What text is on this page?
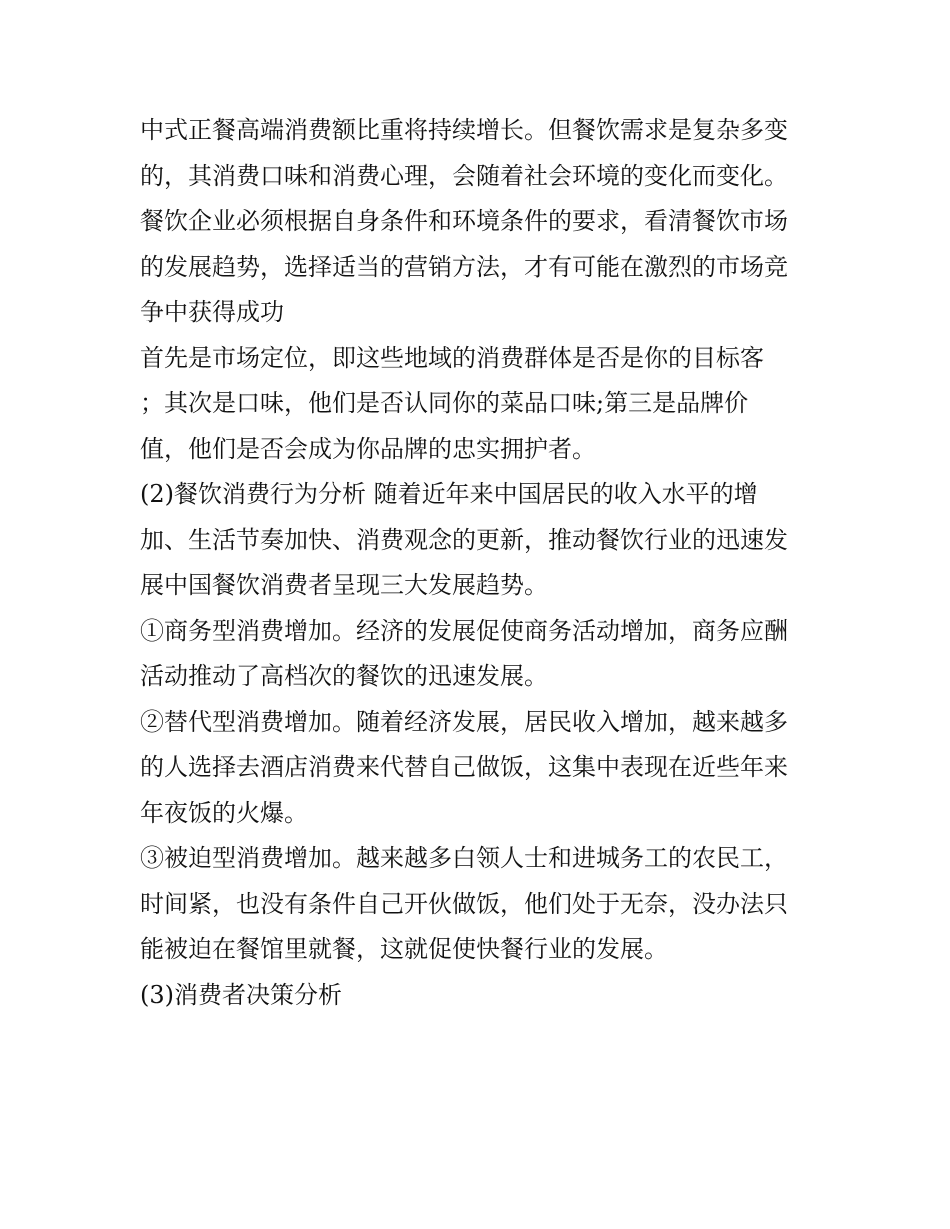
中式正餐高端消费额比重将持续增长。但餐饮需求是复杂多变
的，其消费口味和消费心理，会随着社会环境的变化而变化。
餐饮企业必须根据自身条件和环境条件的要求，看清餐饮市场
的发展趋势，选择适当的营销方法，才有可能在激烈的市场竞
争中获得成功
首先是市场定位，即这些地域的消费群体是否是你的目标客
；其次是口味，他们是否认同你的菜品口味;第三是品牌价
值，他们是否会成为你品牌的忠实拥护者。
(2)餐饮消费行为分析 随着近年来中国居民的收入水平的增
加、生活节奏加快、消费观念的更新，推动餐饮行业的迅速发
展中国餐饮消费者呈现三大发展趋势。
①商务型消费增加。经济的发展促使商务活动增加，商务应酬
活动推动了高档次的餐饮的迅速发展。
②替代型消费增加。随着经济发展，居民收入增加，越来越多
的人选择去酒店消费来代替自己做饭，这集中表现在近些年来
年夜饭的火爆。
③被迫型消费增加。越来越多白领人士和进城务工的农民工，
时间紧，也没有条件自己开伙做饭，他们处于无奈，没办法只
能被迫在餐馆里就餐，这就促使快餐行业的发展。
(3)消费者决策分析
